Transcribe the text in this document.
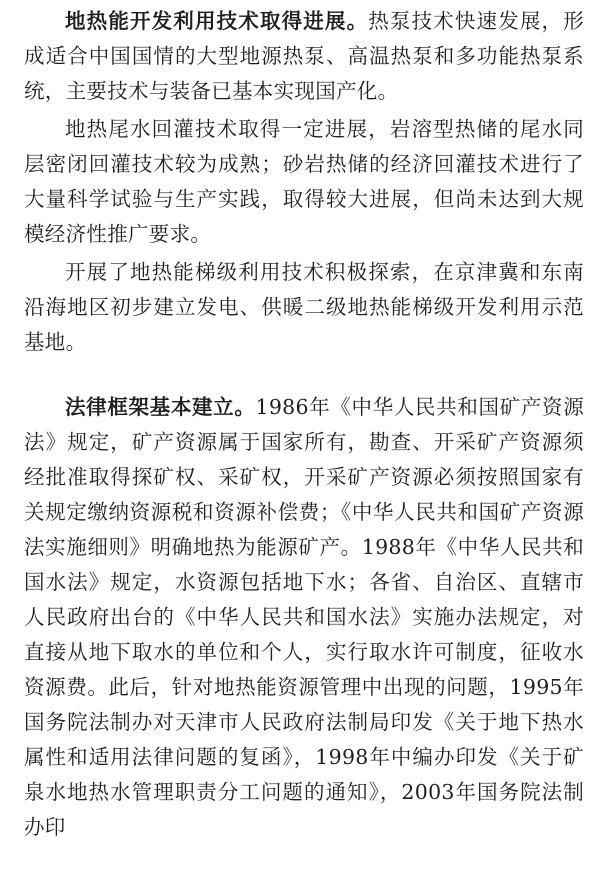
地热能开发利用技术取得进展。热泵技术快速发展，形成适合中国国情的大型地源热泵、高温热泵和多功能热泵系统，主要技术与装备已基本实现国产化。

地热尾水回灌技术取得一定进展，岩溶型热储的尾水同层密闭回灌技术较为成熟；砂岩热储的经济回灌技术进行了大量科学试验与生产实践，取得较大进展，但尚未达到大规模经济性推广要求。

开展了地热能梯级利用技术积极探索，在京津冀和东南沿海地区初步建立发电、供暖二级地热能梯级开发利用示范基地。

法律框架基本建立。1986年《中华人民共和国矿产资源法》规定，矿产资源属于国家所有，勘查、开采矿产资源须经批准取得探矿权、采矿权，开采矿产资源必须按照国家有关规定缴纳资源税和资源补偿费；《中华人民共和国矿产资源法实施细则》明确地热为能源矿产。1988年《中华人民共和国水法》规定，水资源包括地下水；各省、自治区、直辖市人民政府出台的《中华人民共和国水法》实施办法规定，对直接从地下取水的单位和个人，实行取水许可制度，征收水资源费。此后，针对地热能资源管理中出现的问题，1995年国务院法制办对天津市人民政府法制局印发《关于地下热水属性和适用法律问题的复函》，1998年中编办印发《关于矿泉水地热水管理职责分工问题的通知》，2003年国务院法制办印
